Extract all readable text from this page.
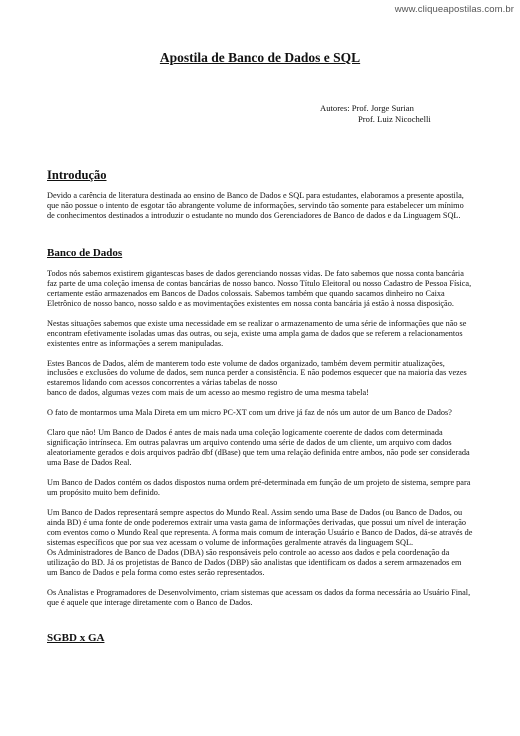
www.cliqueapostilas.com.br
Apostila de Banco de Dados e SQL
Autores: Prof. Jorge Surian
Prof. Luiz Nicochelli
Introdução

Devido a carência de literatura destinada ao ensino de Banco de Dados e SQL para estudantes, elaboramos a presente apostila, que não possue o intento de esgotar tão abrangente volume de informações, servindo tão somente para estabelecer um mínimo de conhecimentos destinados a introduzir o estudante no mundo dos Gerenciadores de Banco de dados e da Linguagem SQL.

Banco de Dados

Todos nós sabemos existirem gigantescas bases de dados gerenciando nossas vidas. De fato sabemos que nossa conta bancária faz parte de uma coleção imensa de contas bancárias de nosso banco. Nosso Título Eleitoral ou nosso Cadastro de Pessoa Física, certamente estão armazenados em Bancos de Dados colossais. Sabemos também que quando sacamos dinheiro no Caixa Eletrônico de nosso banco, nosso saldo e as movimentações existentes em nossa conta bancária já estão à nossa disposição.

Nestas situações sabemos que existe uma necessidade em se realizar o armazenamento de uma série de informações que não se encontram efetivamente isoladas umas das outras, ou seja, existe uma ampla gama de dados que se referem a relacionamentos existentes entre as informações a serem manipuladas.

Estes Bancos de Dados, além de manterem todo este volume de dados organizado, também devem permitir atualizações, inclusões e exclusões do volume de dados, sem nunca perder a consistência. E não podemos esquecer que na maioria das vezes estaremos lidando com acessos concorrentes a várias tabelas de nosso

banco de dados, algumas vezes com mais de um acesso ao mesmo registro de uma mesma tabela!

O fato de montarmos uma Mala Direta em um micro PC-XT com um drive já faz de nós um autor de um Banco de Dados?

Claro que não! Um Banco de Dados é antes de mais nada uma coleção logicamente coerente de dados com determinada significação intrínseca. Em outras palavras um arquivo contendo uma série de dados de um cliente, um arquivo com dados aleatoriamente gerados e dois arquivos padrão dbf (dBase) que tem uma relação definida entre ambos, não pode ser considerada uma Base de Dados Real.

Um Banco de Dados contém os dados dispostos numa ordem pré-determinada em função de um projeto de sistema, sempre para um propósito muito bem definido.

Um Banco de Dados representará sempre aspectos do Mundo Real. Assim sendo uma Base de Dados (ou Banco de Dados, ou ainda BD) é uma fonte de onde poderemos extrair uma vasta gama de informações derivadas, que possui um nível de interação com eventos como o Mundo Real que representa. A forma mais comum de interação Usuário e Banco de Dados, dá-se através de sistemas específicos que por sua vez acessam o volume de informações geralmente através da linguagem SQL.

Os Administradores de Banco de Dados (DBA) são responsáveis pelo controle ao acesso aos dados e pela coordenação da utilização do BD. Já os projetistas de Banco de Dados (DBP) são analistas que identificam os dados a serem armazenados em um Banco de Dados e pela forma como estes serão representados.

Os Analistas e Programadores de Desenvolvimento, criam sistemas que acessam os dados da forma necessária ao Usuário Final, que é aquele que interage diretamente com o Banco de Dados.

SGBD x GA
